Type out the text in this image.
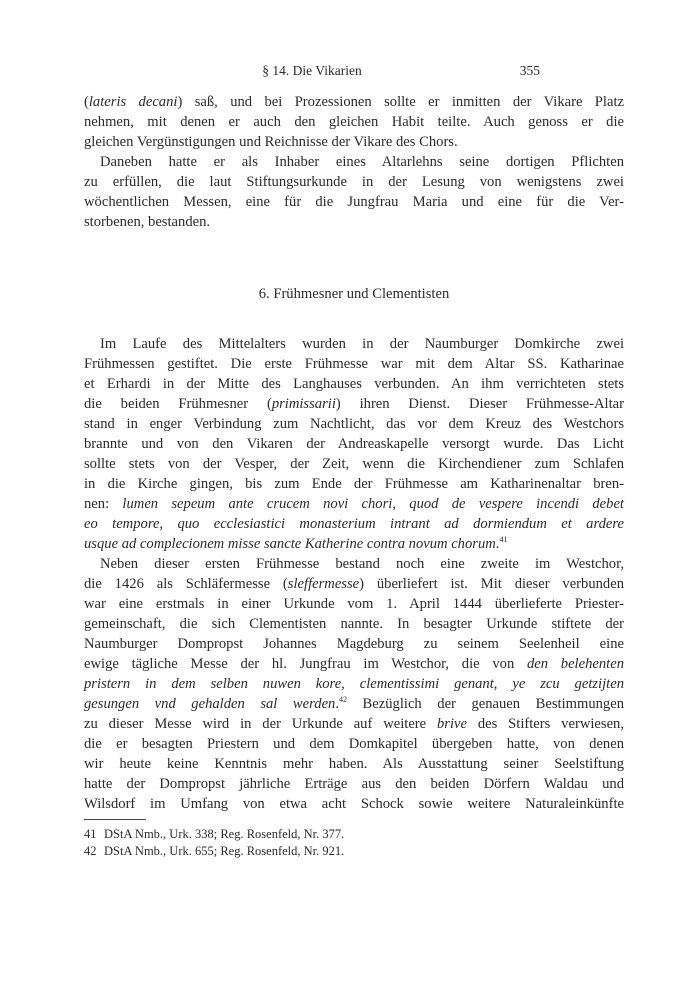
§ 14. Die Vikarien	355
(lateris decani) saß, und bei Prozessionen sollte er inmitten der Vikare Platz
nehmen, mit denen er auch den gleichen Habit teilte. Auch genoss er die
gleichen Vergünstigungen und Reichnisse der Vikare des Chors.
Daneben hatte er als Inhaber eines Altarlehns seine dortigen Pflichten
zu erfüllen, die laut Stiftungsurkunde in der Lesung von wenigstens zwei
wöchentlichen Messen, eine für die Jungfrau Maria und eine für die Ver-
storbenen, bestanden.
6. Frühmesner und Clementisten
Im Laufe des Mittelalters wurden in der Naumburger Domkirche zwei
Frühmessen gestiftet. Die erste Frühmesse war mit dem Altar SS. Katharinae
et Erhardi in der Mitte des Langhauses verbunden. An ihm verrichteten stets
die beiden Frühmesner (primissarii) ihren Dienst. Dieser Frühmesse-Altar
stand in enger Verbindung zum Nachtlicht, das vor dem Kreuz des Westchors
brannte und von den Vikaren der Andreaskapelle versorgt wurde. Das Licht
sollte stets von der Vesper, der Zeit, wenn die Kirchendiener zum Schlafen
in die Kirche gingen, bis zum Ende der Frühmesse am Katharinenaltar bren-
nen: lumen sepeum ante crucem novi chori, quod de vespere incendi debet
eo tempore, quo ecclesiastici monasterium intrant ad dormiendum et ardere
usque ad complecionem misse sancte Katherine contra novum chorum.$^{41}$
Neben dieser ersten Frühmesse bestand noch eine zweite im Westchor,
die 1426 als Schläfermesse (sleffermesse) überliefert ist. Mit dieser verbunden
war eine erstmals in einer Urkunde vom 1. April 1444 überlieferte Priester-
gemeinschaft, die sich Clementisten nannte. In besagter Urkunde stiftete der
Naumburger Dompropst Johannes Magdeburg zu seinem Seelenheil eine
ewige tägliche Messe der hl. Jungfrau im Westchor, die von den belehenten
pristern in dem selben nuwen kore, clementissimi genant, ye zcu getzijten
gesungen vnd gehalden sal werden.$^{42}$ Bezüglich der genauen Bestimmungen
zu dieser Messe wird in der Urkunde auf weitere brive des Stifters verwiesen,
die er besagten Priestern und dem Domkapitel übergeben hatte, von denen
wir heute keine Kenntnis mehr haben. Als Ausstattung seiner Seelstiftung
hatte der Dompropst jährliche Erträge aus den beiden Dörfern Waldau und
Wilsdorf im Umfang von etwa acht Schock sowie weitere Naturaleinkünfte
41 DStA Nmb., Urk. 338; Reg. Rosenfeld, Nr. 377.
42 DStA Nmb., Urk. 655; Reg. Rosenfeld, Nr. 921.
